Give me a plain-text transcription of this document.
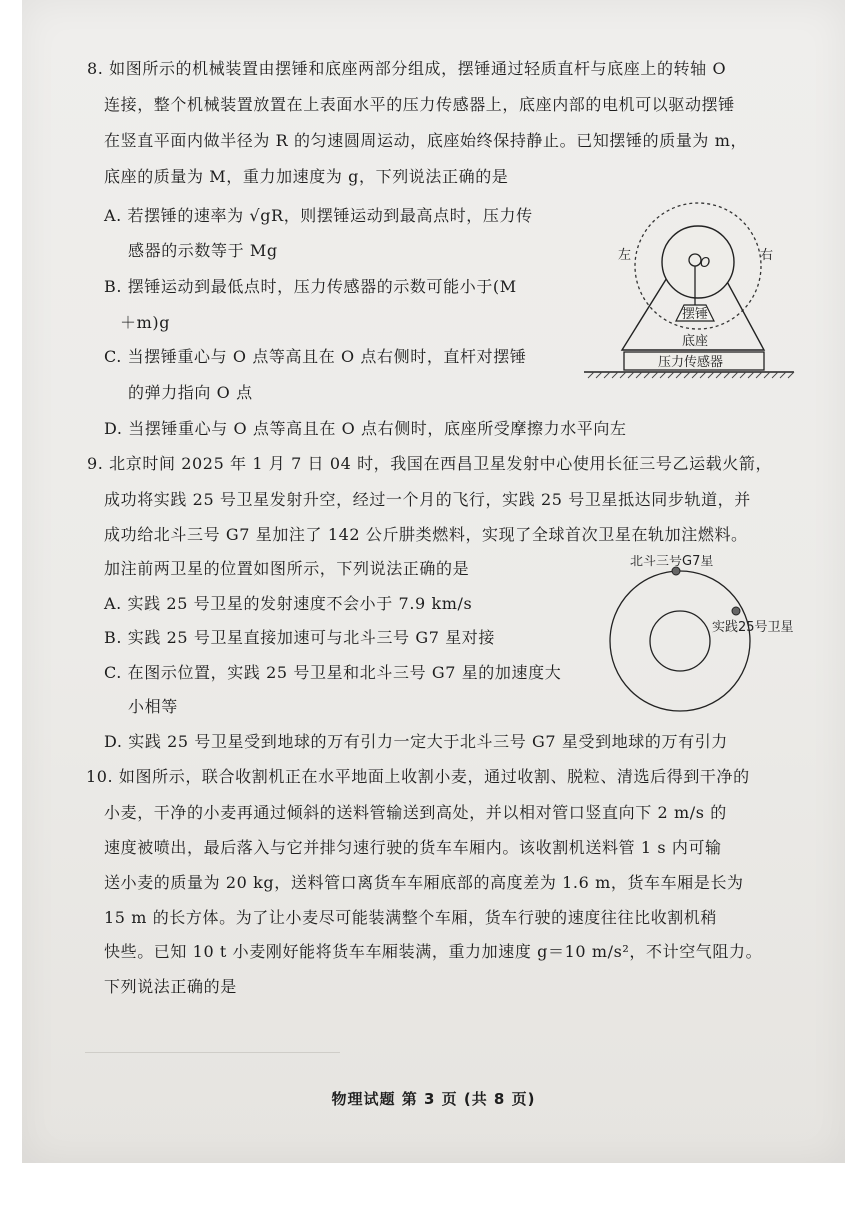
8. 如图所示的机械装置由摆锤和底座两部分组成，摆锤通过轻质直杆与底座上的转轴 O
连接，整个机械装置放置在上表面水平的压力传感器上，底座内部的电机可以驱动摆锤
在竖直平面内做半径为 R 的匀速圆周运动，底座始终保持静止。已知摆锤的质量为 m，
底座的质量为 M，重力加速度为 g，下列说法正确的是
A. 若摆锤的速率为 √gR，则摆锤运动到最高点时，压力传
感器的示数等于 Mg
B. 摆锤运动到最低点时，压力传感器的示数可能小于(M
＋m)g
C. 当摆锤重心与 O 点等高且在 O 点右侧时，直杆对摆锤
的弹力指向 O 点
D. 当摆锤重心与 O 点等高且在 O 点右侧时，底座所受摩擦力水平向左
O
摆锤
左	右
底座
压力传感器
9. 北京时间 2025 年 1 月 7 日 04 时，我国在西昌卫星发射中心使用长征三号乙运载火箭，
成功将实践 25 号卫星发射升空，经过一个月的飞行，实践 25 号卫星抵达同步轨道，并
成功给北斗三号 G7 星加注了 142 公斤肼类燃料，实现了全球首次卫星在轨加注燃料。
加注前两卫星的位置如图所示，下列说法正确的是
A. 实践 25 号卫星的发射速度不会小于 7.9 km/s
B. 实践 25 号卫星直接加速可与北斗三号 G7 星对接
C. 在图示位置，实践 25 号卫星和北斗三号 G7 星的加速度大
小相等
D. 实践 25 号卫星受到地球的万有引力一定大于北斗三号 G7 星受到地球的万有引力
北斗三号G7星
实践25号卫星
10. 如图所示，联合收割机正在水平地面上收割小麦，通过收割、脱粒、清选后得到干净的
小麦，干净的小麦再通过倾斜的送料管输送到高处，并以相对管口竖直向下 2 m/s 的
速度被喷出，最后落入与它并排匀速行驶的货车车厢内。该收割机送料管 1 s 内可输
送小麦的质量为 20 kg，送料管口离货车车厢底部的高度差为 1.6 m，货车车厢是长为
15 m 的长方体。为了让小麦尽可能装满整个车厢，货车行驶的速度往往比收割机稍
快些。已知 10 t 小麦刚好能将货车车厢装满，重力加速度 g＝10 m/s²，不计空气阻力。
下列说法正确的是
物理试题 第 3 页 (共 8 页)
